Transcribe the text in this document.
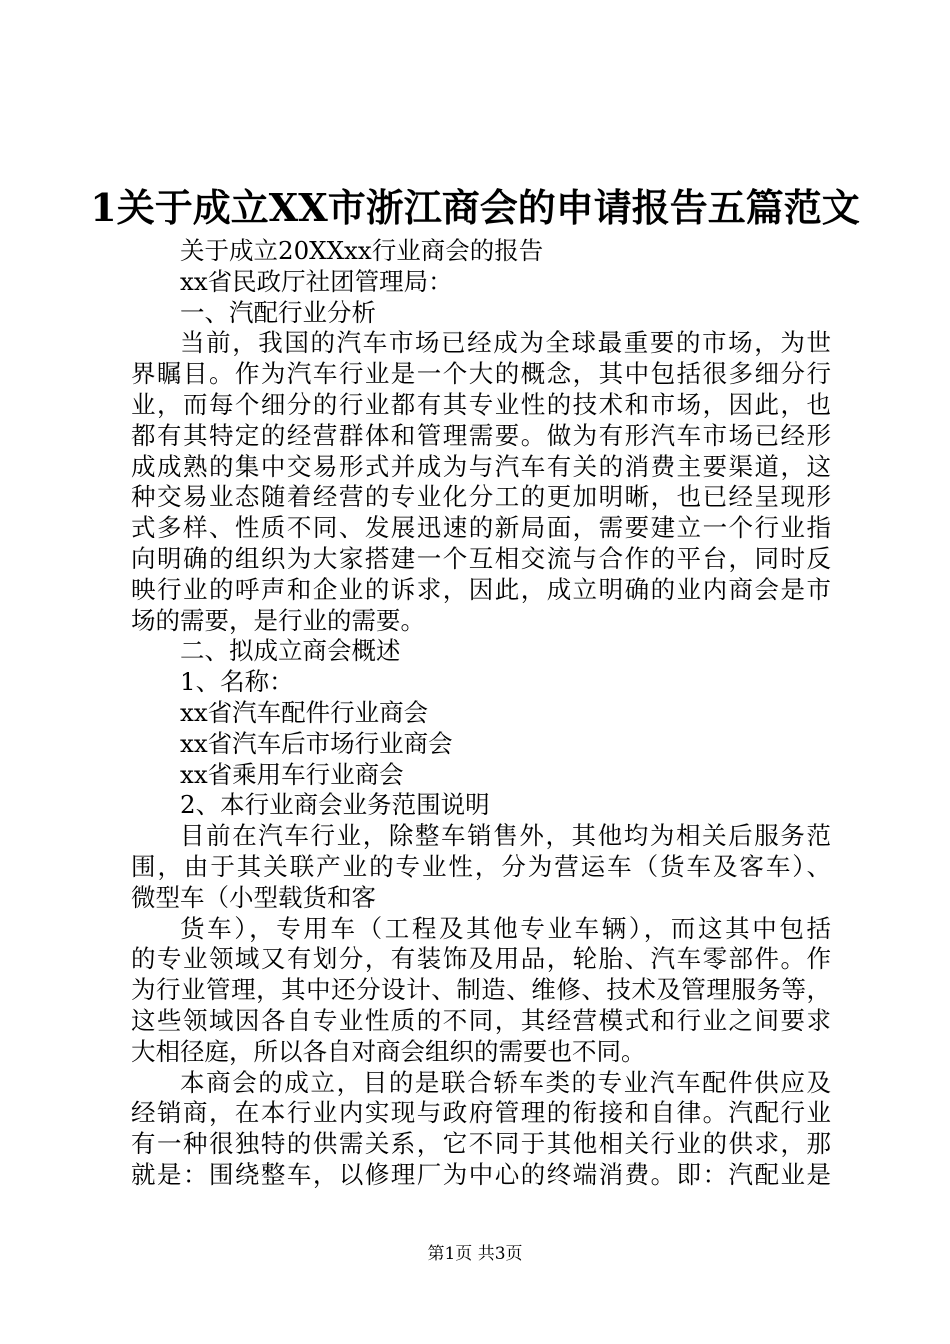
1关于成立XX市浙江商会的申请报告五篇范文
关于成立20XXxx行业商会的报告
xx省民政厅社团管理局：
一、汽配行业分析
当前，我国的汽车市场已经成为全球最重要的市场，为世
界瞩目。作为汽车行业是一个大的概念，其中包括很多细分行
业，而每个细分的行业都有其专业性的技术和市场，因此，也
都有其特定的经营群体和管理需要。做为有形汽车市场已经形
成成熟的集中交易形式并成为与汽车有关的消费主要渠道，这
种交易业态随着经营的专业化分工的更加明晰，也已经呈现形
式多样、性质不同、发展迅速的新局面，需要建立一个行业指
向明确的组织为大家搭建一个互相交流与合作的平台，同时反
映行业的呼声和企业的诉求，因此，成立明确的业内商会是市
场的需要，是行业的需要。
二、拟成立商会概述
1、名称：
xx省汽车配件行业商会
xx省汽车后市场行业商会
xx省乘用车行业商会
2、本行业商会业务范围说明
目前在汽车行业，除整车销售外，其他均为相关后服务范
围，由于其关联产业的专业性，分为营运车（货车及客车）、
微型车（小型载货和客
货车），专用车（工程及其他专业车辆），而这其中包括
的专业领域又有划分，有装饰及用品，轮胎、汽车零部件。作
为行业管理，其中还分设计、制造、维修、技术及管理服务等，
这些领域因各自专业性质的不同，其经营模式和行业之间要求
大相径庭，所以各自对商会组织的需要也不同。
本商会的成立，目的是联合轿车类的专业汽车配件供应及
经销商，在本行业内实现与政府管理的衔接和自律。汽配行业
有一种很独特的供需关系，它不同于其他相关行业的供求，那
就是：围绕整车，以修理厂为中心的终端消费。即：汽配业是
第1页 共3页
